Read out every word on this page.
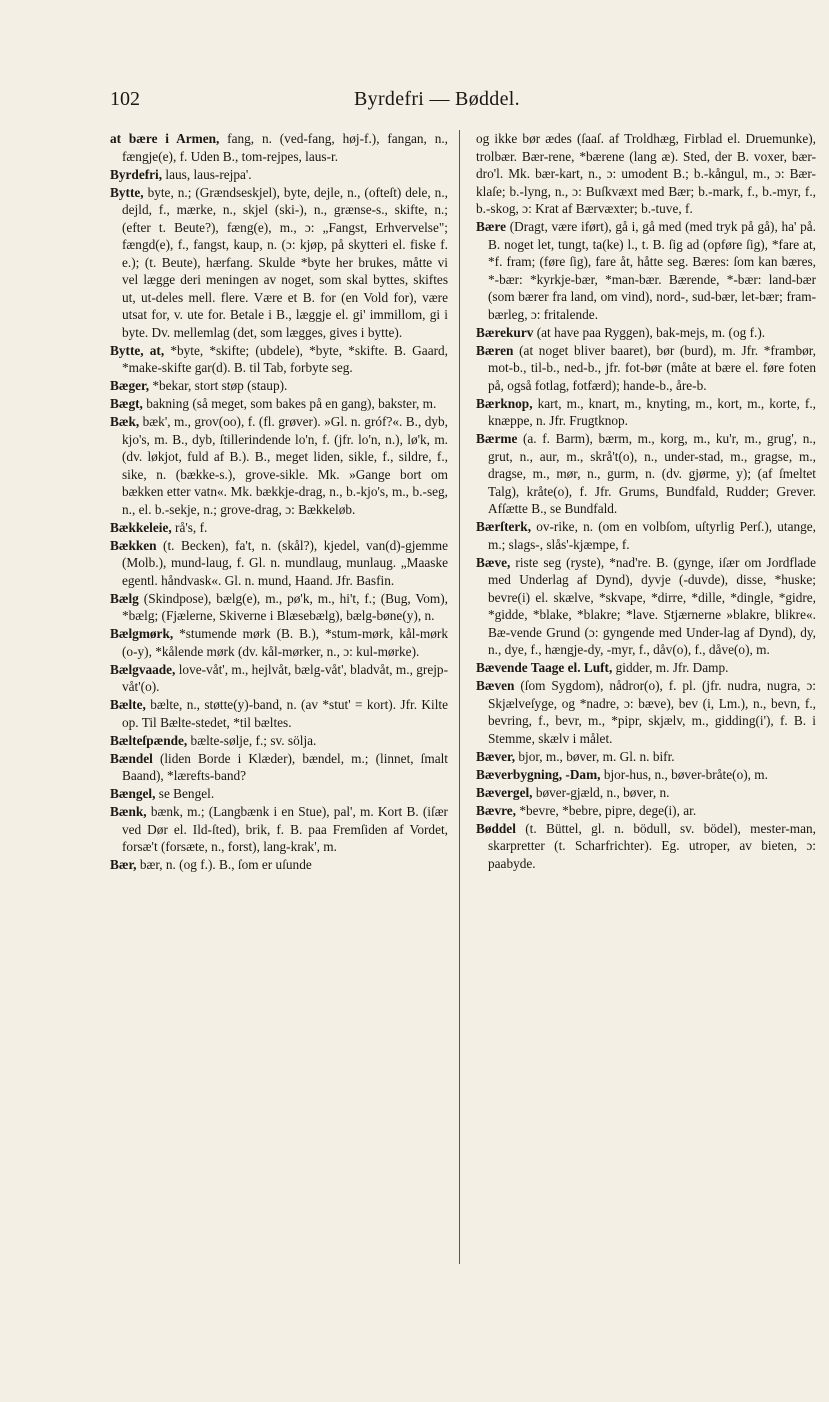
102	Byrdefri — Bøddel.

at bære i Armen, fang, n. (ved-fang, høj-f.), fangan, n., fængje(e), f. Uden B., tom-rejpes, laus-r.

Byrdefri, laus, laus-rejpa'.

Bytte, byte, n.; (Grændseskjel), byte, dejle, n., (ofteſt) dele, n., dejld, f., mærke, n., skjel (ski-), n., grænse-s., skifte, n.; (efter t. Beute?), fæng(e), m., ɔ: „Fangst, Erhvervelse"; fængd(e), f., fangst, kaup, n. (ɔ: kjøp, på skytteri el. fiske f. e.); (t. Beute), hærfang. Skulde *byte her brukes, måtte vi vel lægge deri meningen av noget, som skal byttes, skiftes ut, ut-deles mell. flere. Være et B. for (en Vold for), være utsat for, v. ute for. Betale i B., læggje el. gi' immillom, gi i byte. Dv. mellemlag (det, som lægges, gives i bytte).

Bytte, at, *byte, *skifte; (ubdele), *byte, *skifte. B. Gaard, *make-skifte gar(d). B. til Tab, forbyte seg.

Bæger, *bekar, stort støp (staup).

Bægt, bakning (så meget, som bakes på en gang), bakster, m.

Bæk, bæk', m., grov(oo), f. (fl. grøver). »Gl. n. gróf?«. B., dyb, kjo's, m. B., dyb, ſtillerindende lo'n, f. (jfr. lo'n, n.), lø'k, m. (dv. løkjot, fuld af B.). B., meget liden, sikle, f., sildre, f., sike, n. (bække-s.), grove-sikle. Mk. »Gange bort om bækken etter vatn«. Mk. bækkje-drag, n., b.-kjo's, m., b.-seg, n., el. b.-sekje, n.; grove-drag, ɔ: Bækkeløb.

Bækkeleie, rå's, f.

Bækken (t. Becken), fa't, n. (skål?), kjedel, van(d)-gjemme (Molb.), mund-laug, f. Gl. n. mundlaug, munlaug. „Maaske egentl. håndvask«. Gl. n. mund, Haand. Jfr. Basfin.

Bælg (Skindpose), bælg(e), m., pø'k, m., hi't, f.; (Bug, Vom), *bælg; (Fjælerne, Skiverne i Blæsebælg), bælg-bøne(y), n.

Bælgmørk, *stumende mørk (B. B.), *stum-mørk, kål-mørk (o-y), *kålende mørk (dv. kål-mørker, n., ɔ: kul-mørke).

Bælgvaade, love-våt', m., hejlvåt, bælg-våt', bladvåt, m., grejp-våt'(o).

Bælte, bælte, n., støtte(y)-band, n. (av *stut' = kort). Jfr. Kilte op. Til Bælte-stedet, *til bæltes.

Bælteſpænde, bælte-sølje, f.; sv. sölja.

Bændel (liden Borde i Klæder), bændel, m.; (linnet, ſmalt Baand), *lærefts-band?

Bængel, se Bengel.

Bænk, bænk, m.; (Langbænk i en Stue), pal', m. Kort B. (iſær ved Dør el. Ild-ſted), brik, f. B. paa Fremſiden af Vordet, forsæ't (forsæte, n., forst), lang-krak', m.

Bær, bær, n. (og f.). B., ſom er uſunde

og ikke bør ædes (ſaaſ. af Troldhæg, Firblad el. Druemunke), trolbær. Bær-rene, *bærene (lang æ). Sted, der B. voxer, bær-dro'l. Mk. bær-kart, n., ɔ: umodent B.; b.-kångul, m., ɔ: Bær-klaſe; b.-lyng, n., ɔ: Buſkvæxt med Bær; b.-mark, f., b.-myr, f., b.-skog, ɔ: Krat af Bærvæxter; b.-tuve, f.

Bære (Dragt, være iført), gå i, gå med (med tryk på gå), ha' på. B. noget let, tungt, ta(ke) l., t. B. ſig ad (opføre ſig), *fare at, *f. fram; (føre ſig), fare åt, håtte seg. Bæres: ſom kan bæres, *-bær: *kyrkje-bær, *man-bær. Bærende, *-bær: land-bær (som bærer fra land, om vind), nord-, sud-bær, let-bær; fram-bærleg, ɔ: fritalende.

Bærekurv (at have paa Ryggen), bak-mejs, m. (og f.).

Bæren (at noget bliver baaret), bør (burd), m. Jfr. *frambør, mot-b., til-b., ned-b., jfr. fot-bør (måte at bære el. føre foten på, også fotlag, fotfærd); hande-b., åre-b.

Bærknop, kart, m., knart, m., knyting, m., kort, m., korte, f., knæppe, n. Jfr. Frugtknop.

Bærme (a. f. Barm), bærm, m., korg, m., ku'r, m., grug', n., grut, n., aur, m., skrå't(o), n., under-stad, m., gragse, m., dragse, m., mør, n., gurm, n. (dv. gjørme, y); (af ſmeltet Talg), kråte(o), f. Jfr. Grums, Bundfald, Rudder; Grever. Afſætte B., se Bundfald.

Bærſterk, ov-rike, n. (om en volbſom, uſtyrlig Perſ.), utange, m.; slags-, slås'-kjæmpe, f.

Bæve, riste seg (ryste), *nad're. B. (gynge, iſær om Jordflade med Underlag af Dynd), dyvje (-duvde), disse, *huske; bevre(i) el. skælve, *skvape, *dirre, *dille, *dingle, *gidre, *gidde, *blake, *blakre; *lave. Stjærnerne »blakre, blikre«. Bæ-vende Grund (ɔ: gyngende med Under-lag af Dynd), dy, n., dye, f., hængje-dy, -myr, f., dåv(o), f., dåve(o), m.

Bævende Taage el. Luft, gidder, m. Jfr. Damp.

Bæven (ſom Sygdom), nådror(o), f. pl. (jfr. nudra, nugra, ɔ: Skjælveſyge, og *nadre, ɔ: bæve), bev (i, Lm.), n., bevn, f., bevring, f., bevr, m., *pipr, skjælv, m., gidding(i'), f. B. i Stemme, skælv i målet.

Bæver, bjor, m., bøver, m. Gl. n. bifr.

Bæverbygning, -Dam, bjor-hus, n., bøver-bråte(o), m.

Bævergel, bøver-gjæld, n., bøver, n.

Bævre, *bevre, *bebre, pipre, dege(i), ar.

Bøddel (t. Büttel, gl. n. bödull, sv. bödel), mester-man, skarpretter (t. Scharfrichter). Eg. utroper, av bieten, ɔ: paabyde.
